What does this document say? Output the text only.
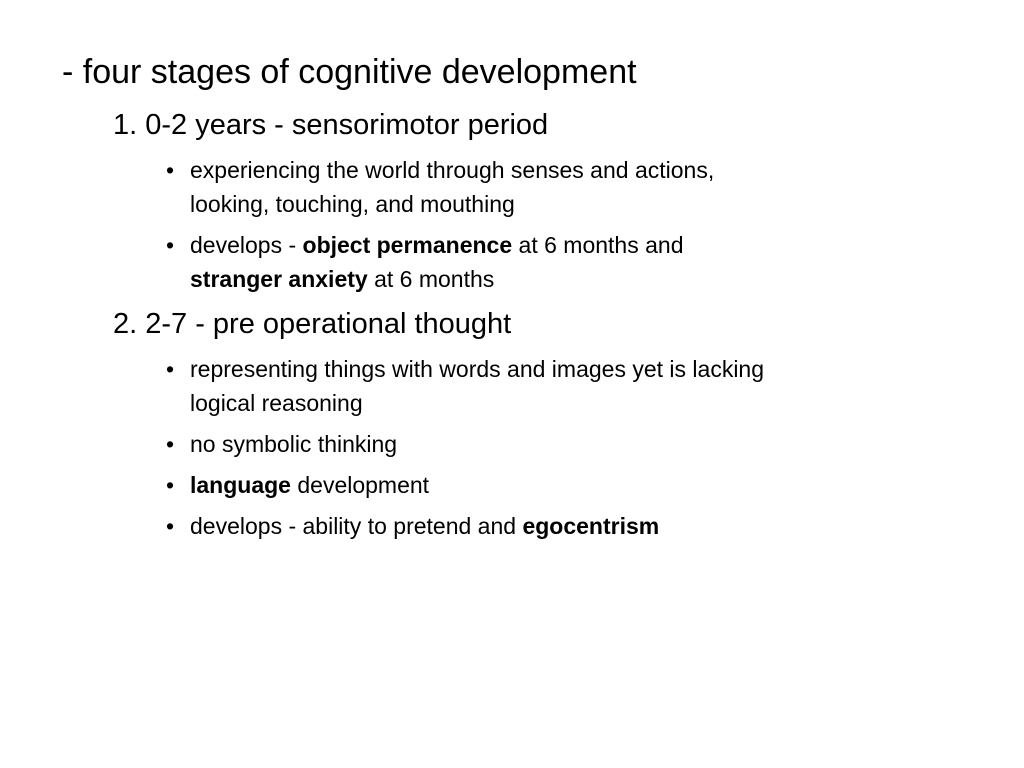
- four stages of cognitive development
1. 0-2 years - sensorimotor period
• experiencing the world through senses and actions,
looking, touching, and mouthing
• develops - object permanence at 6 months and
stranger anxiety at 6 months
2. 2-7 - pre operational thought
• representing things with words and images yet is lacking
logical reasoning
• no symbolic thinking
• language development
• develops - ability to pretend and egocentrism
